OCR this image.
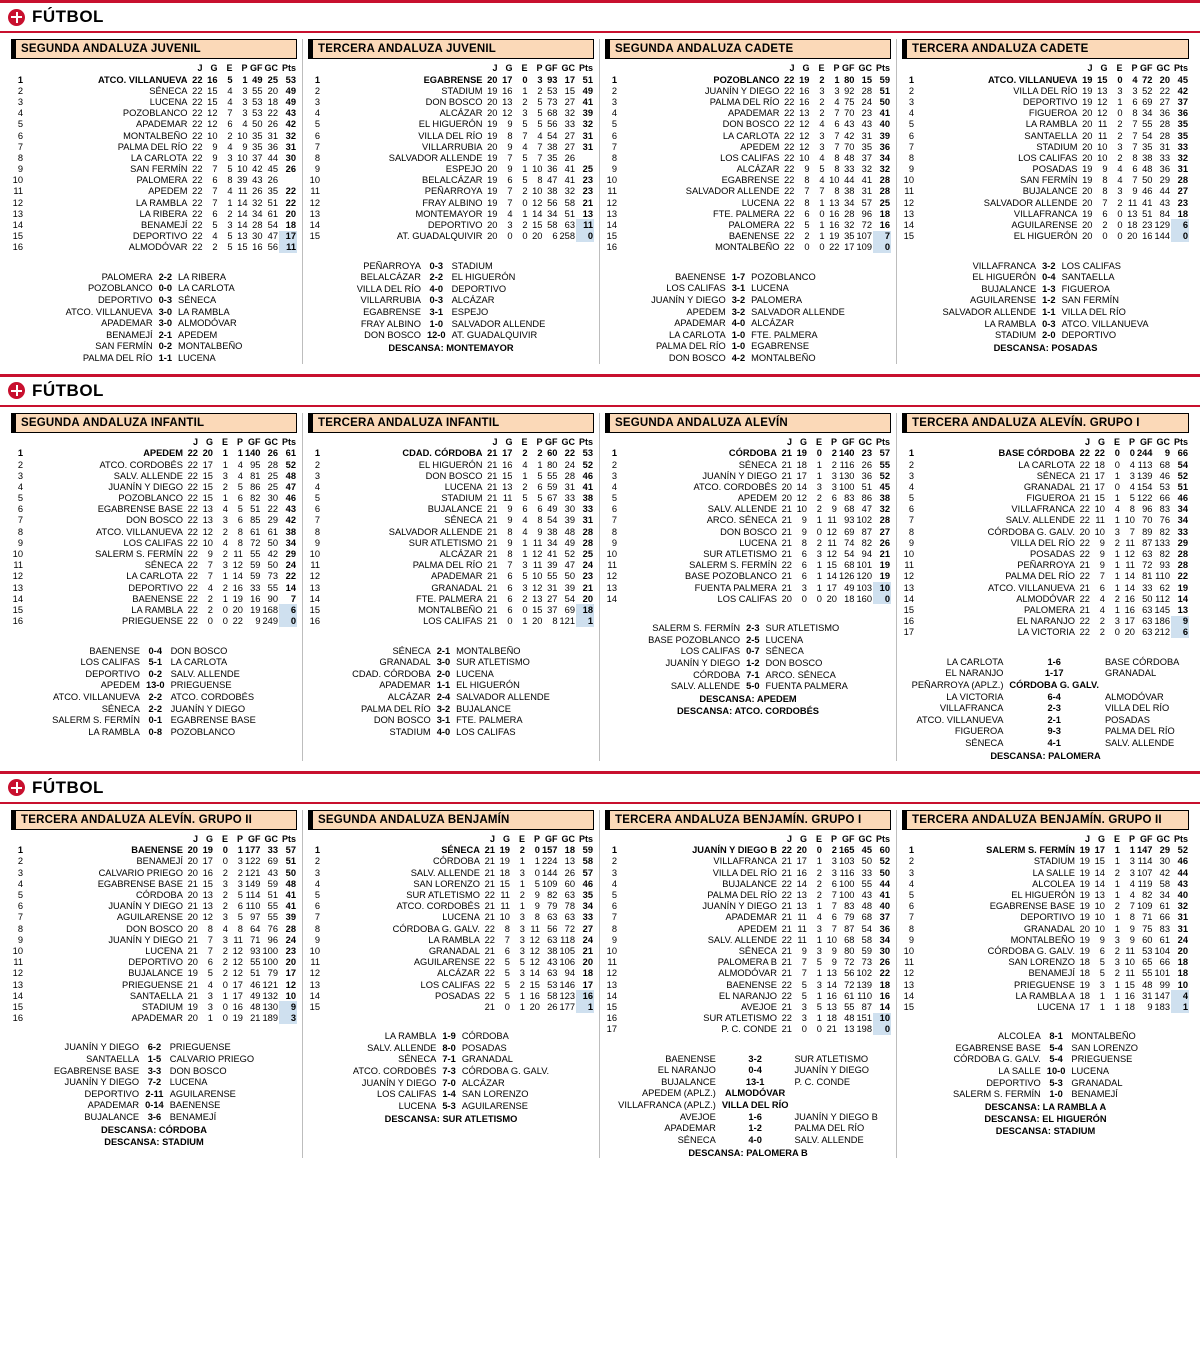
FÚTBOL
SEGUNDA ANDALUZA JUVENIL
		J	G	E	P	GF	GC	Pts
1	ATCO. VILLANUEVA	22	16	5	1	49	25	53
2	SÉNECA	22	15	4	3	55	20	49
3	LUCENA	22	15	4	3	53	18	49
4	POZOBLANCO	22	12	7	3	53	22	43
5	APADEMAR	22	12	6	4	50	26	42
6	MONTALBEÑO	22	10	2	10	35	31	32
7	PALMA DEL RÍO	22	9	4	9	35	36	31
8	LA CARLOTA	22	9	3	10	37	44	30
9	SAN FERMÍN	22	7	5	10	42	45	26
10	PALOMERA	22	6	8	39	43	26	
11	APEDEM	22	7	4	11	26	35	22
12	LA RAMBLA	22	7	1	14	32	51	22
13	LA RIBERA	22	6	2	14	34	61	20
14	BENAMEJÍ	22	5	3	14	28	54	18
15	DEPORTIVO	22	4	5	13	30	47	17
16	ALMODÓVAR	22	2	5	15	16	56	11
PALOMERA	2-2	LA RIBERA
POZOBLANCO	0-0	LA CARLOTA
DEPORTIVO	0-3	SÉNECA
ATCO. VILLANUEVA	3-0	LA RAMBLA
APADEMAR	3-0	ALMODÓVAR
BENAMEJÍ	2-1	APEDEM
SAN FERMÍN	0-2	MONTALBEÑO
PALMA DEL RÍO	1-1	LUCENA
TERCERA ANDALUZA JUVENIL
		J	G	E	P	GF	GC	Pts
1	EGABRENSE	20	17	0	3	93	17	51
2	STADIUM	19	16	1	2	53	15	49
3	DON BOSCO	20	13	2	5	73	27	41
4	ALCÁZAR	20	12	3	5	68	32	39
5	EL HIGUERÓN	19	9	5	5	56	33	32
6	VILLA DEL RÍO	19	8	7	4	54	27	31
7	VILLARRUBIA	20	9	4	7	38	27	31
8	SALVADOR ALLENDE	19	7	5	7	35	26	
9	ESPEJO	20	9	1	10	36	41	25
10	BELALCÁZAR	19	6	5	8	47	41	23
11	PEÑARROYA	19	7	2	10	38	32	23
12	FRAY ALBINO	19	7	0	12	56	58	21
13	MONTEMAYOR	19	4	1	14	34	51	13
14	DEPORTIVO	20	3	2	15	58	63	11
15	AT. GUADALQUIVIR	20	0	0	20	6	258	0
PEÑARROYA	0-3	STADIUM
BELALCÁZAR	2-2	EL HIGUERÓN
VILLA DEL RÍO	4-0	DEPORTIVO
VILLARRUBIA	0-3	ALCÁZAR
EGABRENSE	3-1	ESPEJO
FRAY ALBINO	1-0	SALVADOR ALLENDE
DON BOSCO	12-0	AT. GUADALQUIVIR
DESCANSA: MONTEMAYOR
SEGUNDA ANDALUZA CADETE
		J	G	E	P	GF	GC	Pts
1	POZOBLANCO	22	19	2	1	80	15	59
2	JUANÍN Y DIEGO	22	16	3	3	92	28	51
3	PALMA DEL RÍO	22	16	2	4	75	24	50
4	APADEMAR	22	13	2	7	70	23	41
5	DON BOSCO	22	12	4	6	43	43	40
6	LA CARLOTA	22	12	3	7	42	31	39
7	APEDEM	22	12	3	7	70	35	36
8	LOS CALIFAS	22	10	4	8	48	37	34
9	ALCÁZAR	22	9	5	8	33	32	32
10	EGABRENSE	22	8	4	10	44	41	28
11	SALVADOR ALLENDE	22	7	7	8	38	31	28
12	LUCENA	22	8	1	13	34	57	25
13	FTE. PALMERA	22	6	0	16	28	96	18
14	PALOMERA	22	5	1	16	32	72	16
15	BAENENSE	22	2	1	19	35	107	7
16	MONTALBEÑO	22	0	0	22	17	109	0
BAENENSE	1-7	POZOBLANCO
LOS CALIFAS	3-1	LUCENA
JUANÍN Y DIEGO	3-2	PALOMERA
APEDEM	3-2	SALVADOR ALLENDE
APADEMAR	4-0	ALCÁZAR
LA CARLOTA	1-0	FTE. PALMERA
PALMA DEL RÍO	1-0	EGABRENSE
DON BOSCO	4-2	MONTALBEÑO
TERCERA ANDALUZA CADETE
		J	G	E	P	GF	GC	Pts
1	ATCO. VILLANUEVA	19	15	0	4	72	20	45
2	VILLA DEL RÍO	19	13	3	3	52	22	42
3	DEPORTIVO	19	12	1	6	69	27	37
4	FIGUEROA	20	12	0	8	34	36	36
5	LA RAMBLA	20	11	2	7	55	28	35
6	SANTAELLA	20	11	2	7	54	28	35
7	STADIUM	20	10	3	7	35	31	33
8	LOS CALIFAS	20	10	2	8	38	33	32
9	POSADAS	19	9	4	6	48	36	31
10	SAN FERMÍN	19	8	4	7	50	29	28
11	BUJALANCE	20	8	3	9	46	44	27
12	SALVADOR ALLENDE	20	7	2	11	41	43	23
13	VILLAFRANCA	19	6	0	13	51	84	18
14	AGUILARENSE	20	2	0	18	23	129	6
15	EL HIGUERÓN	20	0	0	20	16	144	0
VILLAFRANCA	3-2	LOS CALIFAS
EL HIGUERÓN	0-4	SANTAELLA
BUJALANCE	1-3	FIGUEROA
AGUILARENSE	1-2	SAN FERMÍN
SALVADOR ALLENDE	1-1	VILLA DEL RÍO
LA RAMBLA	0-3	ATCO. VILLANUEVA
STADIUM	2-0	DEPORTIVO
DESCANSA: POSADAS
FÚTBOL
SEGUNDA ANDALUZA INFANTIL
		J	G	E	P	GF	GC	Pts
1	APEDEM	22	20	1	1	140	26	61
2	ATCO. CORDOBÉS	22	17	1	4	95	28	52
3	SALV. ALLENDE	22	15	3	4	81	25	48
4	JUANÍN Y DIEGO	22	15	2	5	86	25	47
5	POZOBLANCO	22	15	1	6	82	30	46
6	EGABRENSE BASE	22	13	4	5	51	22	43
7	DON BOSCO	22	13	3	6	85	29	42
8	ATCO. VILLANUEVA	22	12	2	8	61	61	38
9	LOS CALIFAS	22	10	4	8	72	50	34
10	SALERM S. FERMÍN	22	9	2	11	55	42	29
11	SÉNECA	22	7	3	12	59	50	24
12	LA CARLOTA	22	7	1	14	59	73	22
13	DEPORTIVO	22	4	2	16	33	55	14
14	BAENENSE	22	2	1	19	16	90	7
15	LA RAMBLA	22	2	0	20	19	168	6
16	PRIEGUENSE	22	0	0	22	9	249	0
BAENENSE	0-4	DON BOSCO
LOS CALIFAS	5-1	LA CARLOTA
DEPORTIVO	0-2	SALV. ALLENDE
APEDEM	13-0	PRIEGUENSE
ATCO. VILLANUEVA	2-2	ATCO. CORDOBÉS
SÉNECA	2-2	JUANÍN Y DIEGO
SALERM S. FERMÍN	0-1	EGABRENSE BASE
LA RAMBLA	0-8	POZOBLANCO
TERCERA ANDALUZA INFANTIL
		J	G	E	P	GF	GC	Pts
1	CDAD. CÓRDOBA	21	17	2	2	60	22	53
2	EL HIGUERÓN	21	16	4	1	80	24	52
3	DON BOSCO	21	15	1	5	55	28	46
4	LUCENA	21	13	2	6	59	31	41
5	STADIUM	21	11	5	5	67	33	38
6	BUJALANCE	21	9	6	6	49	30	33
7	SÉNECA	21	9	4	8	54	39	31
8	SALVADOR ALLENDE	21	8	4	9	38	48	28
9	SUR ATLETISMO	21	9	1	11	34	49	28
10	ALCÁZAR	21	8	1	12	41	52	25
11	PALMA DEL RÍO	21	7	3	11	39	47	24
12	APADEMAR	21	6	5	10	55	50	23
13	GRANADAL	21	6	3	12	31	39	21
14	FTE. PALMERA	21	6	2	13	27	54	20
15	MONTALBEÑO	21	6	0	15	37	69	18
16	LOS CALIFAS	21	0	1	20	8	121	1
SÉNECA	2-1	MONTALBEÑO
GRANADAL	3-0	SUR ATLETISMO
CDAD. CÓRDOBA	2-0	LUCENA
APADEMAR	1-1	EL HIGUERÓN
ALCÁZAR	2-4	SALVADOR ALLENDE
PALMA DEL RÍO	3-2	BUJALANCE
DON BOSCO	3-1	FTE. PALMERA
STADIUM	4-0	LOS CALIFAS
SEGUNDA ANDALUZA ALEVÍN
		J	G	E	P	GF	GC	Pts
1	CÓRDOBA	21	19	0	2	140	23	57
2	SÉNECA	21	18	1	2	116	26	55
3	JUANÍN Y DIEGO	21	17	1	3	130	36	52
4	ATCO. CORDOBÉS	20	14	3	3	100	51	45
5	APEDEM	20	12	2	6	83	86	38
6	SALV. ALLENDE	21	10	2	9	68	47	32
7	ARCO. SÉNECA	21	9	1	11	93	102	28
8	DON BOSCO	21	9	0	12	69	87	27
9	LUCENA	21	8	2	11	74	82	26
10	SUR ATLETISMO	21	6	3	12	54	94	21
11	SALERM S. FERMÍN	22	6	1	15	68	101	19
12	BASE POZOBLANCO	21	6	1	14	126	120	19
13	FUENTA PALMERA	21	3	1	17	49	103	10
14	LOS CALIFAS	20	0	0	20	18	160	0
SALERM S. FERMÍN	2-3	SUR ATLETISMO
BASE POZOBLANCO	2-5	LUCENA
LOS CALIFAS	0-7	SÉNECA
JUANÍN Y DIEGO	1-2	DON BOSCO
CÓRDOBA	7-1	ARCO. SÉNECA
SALV. ALLENDE	5-0	FUENTA PALMERA
DESCANSA: APEDEM
DESCANSA: ATCO. CORDOBÉS
TERCERA ANDALUZA ALEVÍN. GRUPO I
		J	G	E	P	GF	GC	Pts
1	BASE CÓRDOBA	22	22	0	0	244	9	66
2	LA CARLOTA	22	18	0	4	113	68	54
3	SÉNECA	21	17	1	3	139	46	52
4	GRANADAL	21	17	0	4	154	53	51
5	FIGUEROA	21	15	1	5	122	66	46
6	VILLAFRANCA	22	10	4	8	96	83	34
7	SALV. ALLENDE	22	11	1	10	70	76	34
8	CÓRDOBA G. GALV.	20	10	3	7	89	82	33
9	VILLA DEL RÍO	22	9	2	11	87	133	29
10	POSADAS	22	9	1	12	63	82	28
11	PEÑARROYA	21	9	1	11	72	93	28
12	PALMA DEL RÍO	22	7	1	14	81	110	22
13	ATCO. VILLANUEVA	21	6	1	14	33	62	19
14	ALMODÓVAR	22	4	2	16	50	112	14
15	PALOMERA	21	4	1	16	63	145	13
16	EL NARANJO	22	2	3	17	63	186	9
17	LA VICTORIA	22	2	0	20	63	212	6
LA CARLOTA	1-6	BASE CÓRDOBA
EL NARANJO	1-17	GRANADAL
PEÑARROYA (APLZ.)	CÓRDOBA G. GALV.	
LA VICTORIA	6-4	ALMODÓVAR
VILLAFRANCA	2-3	VILLA DEL RÍO
ATCO. VILLANUEVA	2-1	POSADAS
FIGUEROA	9-3	PALMA DEL RÍO
SÉNECA	4-1	SALV. ALLENDE
DESCANSA: PALOMERA
FÚTBOL
TERCERA ANDALUZA ALEVÍN. GRUPO II
		J	G	E	P	GF	GC	Pts
1	BAENENSE	20	19	0	1	177	33	57
2	BENAMEJÍ	20	17	0	3	122	69	51
3	CALVARIO PRIEGO	20	16	2	2	121	43	50
4	EGABRENSE BASE	21	15	3	3	149	59	48
5	CÓRDOBA	20	13	2	5	114	51	41
6	JUANÍN Y DIEGO	21	13	2	6	110	55	41
7	AGUILARENSE	20	12	3	5	97	55	39
8	DON BOSCO	20	8	4	8	64	76	28
9	JUANÍN Y DIEGO	21	7	3	11	71	96	24
10	LUCENA	21	7	2	12	93	100	23
11	DEPORTIVO	20	6	2	12	55	100	20
12	BUJALANCE	19	5	2	12	51	79	17
13	PRIEGUENSE	21	4	0	17	46	121	12
14	SANTAELLA	21	3	1	17	49	132	10
15	STADIUM	19	3	0	16	48	130	9
16	APADEMAR	20	1	0	19	21	189	3
JUANÍN Y DIEGO	6-2	PRIEGUENSE
SANTAELLA	1-5	CALVARIO PRIEGO
EGABRENSE BASE	3-3	DON BOSCO
JUANÍN Y DIEGO	7-2	LUCENA
DEPORTIVO	2-11	AGUILARENSE
APADEMAR	0-14	BAENENSE
BUJALANCE	3-6	BENAMEJÍ
DESCANSA: CÓRDOBA
DESCANSA: STADIUM
SEGUNDA ANDALUZA BENJAMÍN
		J	G	E	P	GF	GC	Pts
1	SÉNECA	21	19	2	0	157	18	59
2	CÓRDOBA	21	19	1	1	224	13	58
3	SALV. ALLENDE	21	18	3	0	144	26	57
4	SAN LORENZO	21	15	1	5	109	60	46
5	SUR ATLETISMO	22	11	2	9	82	63	35
6	ATCO. CORDOBÉS	21	11	1	9	79	78	34
7	LUCENA	21	10	3	8	63	63	33
8	CÓRDOBA G. GALV.	22	8	3	11	56	72	27
9	LA RAMBLA	22	7	3	12	63	118	24
10	GRANADAL	21	6	3	12	38	105	21
11	AGUILARENSE	22	5	5	12	43	106	20
12	ALCÁZAR	22	5	3	14	63	94	18
13	LOS CALIFAS	22	5	2	15	53	146	17
14	POSADAS	22	5	1	16	58	123	16
15		21	0	1	20	26	177	1
LA RAMBLA	1-9	CÓRDOBA
SALV. ALLENDE	8-0	POSADAS
SÉNECA	7-1	GRANADAL
ATCO. CORDOBÉS	7-3	CÓRDOBA G. GALV.
JUANÍN Y DIEGO	7-0	ALCÁZAR
LOS CALIFAS	1-4	SAN LORENZO
LUCENA	5-3	AGUILARENSE
DESCANSA: SUR ATLETISMO
TERCERA ANDALUZA BENJAMÍN. GRUPO I
		J	G	E	P	GF	GC	Pts
1	JUANÍN Y DIEGO B	22	20	0	2	165	45	60
2	VILLAFRANCA	21	17	1	3	103	50	52
3	VILLA DEL RÍO	21	16	2	3	116	33	50
4	BUJALANCE	22	14	2	6	100	55	44
5	PALMA DEL RÍO	22	13	2	7	100	43	41
6	JUANÍN Y DIEGO	21	13	1	7	83	48	40
7	APADEMAR	21	11	4	6	79	68	37
8	APEDEM	21	11	3	7	87	54	36
9	SALV. ALLENDE	22	11	1	10	68	58	34
10	SÉNECA	21	9	3	9	80	59	30
11	PALOMERA B	21	7	5	9	72	73	26
12	ALMODÓVAR	21	7	1	13	56	102	22
13	BAENENSE	22	5	3	14	72	139	18
14	EL NARANJO	22	5	1	16	61	110	16
15	AVEJOE	21	3	5	13	55	87	14
16	SUR ATLETISMO	22	3	1	18	48	151	10
17	P. C. CONDE	21	0	0	21	13	198	0
BAENENSE	3-2	SUR ATLETISMO
EL NARANJO	0-4	JUANÍN Y DIEGO
BUJALANCE	13-1	P. C. CONDE
APEDEM (APLZ.)	ALMODÓVAR	
VILLAFRANCA (APLZ.)	VILLA DEL RÍO	
AVEJOE	1-6	JUANÍN Y DIEGO B
APADEMAR	1-2	PALMA DEL RÍO
SÉNECA	4-0	SALV. ALLENDE
DESCANSA: PALOMERA B
TERCERA ANDALUZA BENJAMÍN. GRUPO II
		J	G	E	P	GF	GC	Pts
1	SALERM S. FERMÍN	19	17	1	1	147	29	52
2	STADIUM	19	15	1	3	114	30	46
3	LA SALLE	19	14	2	3	107	42	44
4	ALCOLEA	19	14	1	4	119	58	43
5	EL HIGUERÓN	19	13	1	4	82	34	40
6	EGABRENSE BASE	19	10	2	7	109	61	32
7	DEPORTIVO	19	10	1	8	71	66	31
8	GRANADAL	20	10	1	9	75	83	31
9	MONTALBEÑO	19	9	3	9	60	61	24
10	CÓRDOBA G. GALV.	19	6	2	11	53	104	20
11	SAN LORENZO	18	5	3	10	65	66	18
12	BENAMEJÍ	18	5	2	11	55	101	18
13	PRIEGUENSE	19	3	1	15	48	99	10
14	LA RAMBLA A	18	1	1	16	31	147	4
15	LUCENA	17	1	1	18	9	183	1
ALCOLEA	8-1	MONTALBEÑO
EGABRENSE BASE	5-4	SAN LORENZO
CÓRDOBA G. GALV.	5-4	PRIEGUENSE
LA SALLE	10-0	LUCENA
DEPORTIVO	5-3	GRANADAL
SALERM S. FERMÍN	1-0	BENAMEJÍ
DESCANSA: LA RAMBLA A
DESCANSA: EL HIGUERÓN
DESCANSA: STADIUM
